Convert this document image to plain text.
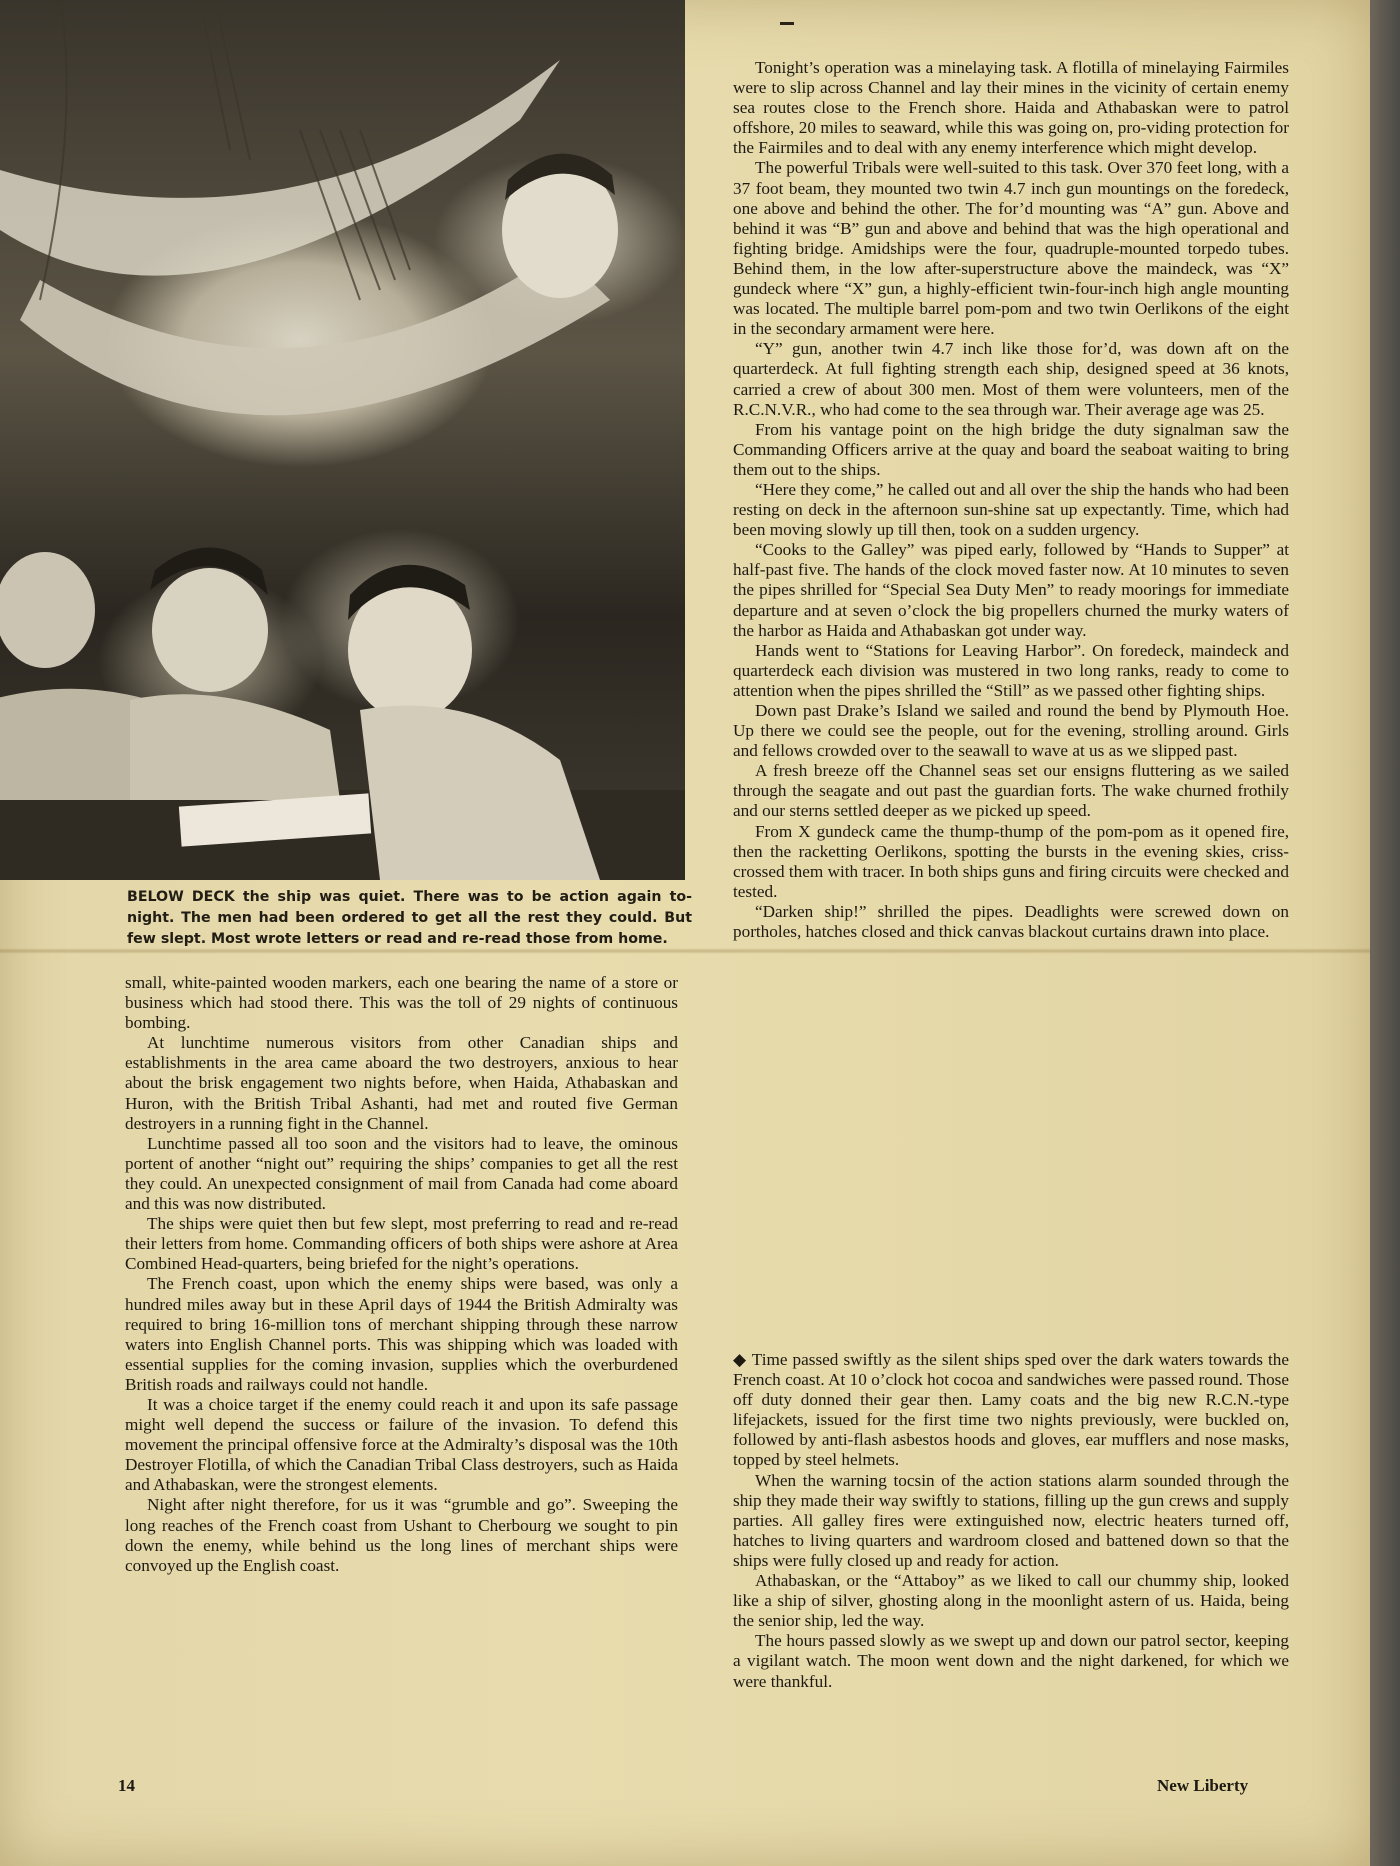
BELOW DECK the ship was quiet. There was to be action again to-night. The men had been ordered to get all the rest they could. But few slept. Most wrote letters or read and re-read those from home.

small, white-painted wooden markers, each one bearing the name of a store or business which had stood there. This was the toll of 29 nights of continuous bombing.

At lunchtime numerous visitors from other Canadian ships and establishments in the area came aboard the two destroyers, anxious to hear about the brisk engagement two nights before, when Haida, Athabaskan and Huron, with the British Tribal Ashanti, had met and routed five German destroyers in a running fight in the Channel.

Lunchtime passed all too soon and the visitors had to leave, the ominous portent of another “night out” requiring the ships’ companies to get all the rest they could. An unexpected consignment of mail from Canada had come aboard and this was now distributed.

The ships were quiet then but few slept, most preferring to read and re-read their letters from home. Commanding officers of both ships were ashore at Area Combined Head-quarters, being briefed for the night’s operations.

The French coast, upon which the enemy ships were based, was only a hundred miles away but in these April days of 1944 the British Admiralty was required to bring 16-million tons of merchant shipping through these narrow waters into English Channel ports. This was shipping which was loaded with essential supplies for the coming invasion, supplies which the overburdened British roads and railways could not handle.

It was a choice target if the enemy could reach it and upon its safe passage might well depend the success or failure of the invasion. To defend this movement the principal offensive force at the Admiralty’s disposal was the 10th Destroyer Flotilla, of which the Canadian Tribal Class destroyers, such as Haida and Athabaskan, were the strongest elements.

Night after night therefore, for us it was “grumble and go”. Sweeping the long reaches of the French coast from Ushant to Cherbourg we sought to pin down the enemy, while behind us the long lines of merchant ships were convoyed up the English coast.

Tonight’s operation was a minelaying task. A flotilla of minelaying Fairmiles were to slip across Channel and lay their mines in the vicinity of certain enemy sea routes close to the French shore. Haida and Athabaskan were to patrol offshore, 20 miles to seaward, while this was going on, pro-viding protection for the Fairmiles and to deal with any enemy interference which might develop.

The powerful Tribals were well-suited to this task. Over 370 feet long, with a 37 foot beam, they mounted two twin 4.7 inch gun mountings on the foredeck, one above and behind the other. The for’d mounting was “A” gun. Above and behind it was “B” gun and above and behind that was the high operational and fighting bridge. Amidships were the four, quadruple-mounted torpedo tubes. Behind them, in the low after-superstructure above the maindeck, was “X” gundeck where “X” gun, a highly-efficient twin-four-inch high angle mounting was located. The multiple barrel pom-pom and two twin Oerlikons of the eight in the secondary armament were here.

“Y” gun, another twin 4.7 inch like those for’d, was down aft on the quarterdeck. At full fighting strength each ship, designed speed at 36 knots, carried a crew of about 300 men. Most of them were volunteers, men of the R.C.N.V.R., who had come to the sea through war. Their average age was 25.

From his vantage point on the high bridge the duty signalman saw the Commanding Officers arrive at the quay and board the seaboat waiting to bring them out to the ships.

“Here they come,” he called out and all over the ship the hands who had been resting on deck in the afternoon sun-shine sat up expectantly. Time, which had been moving slowly up till then, took on a sudden urgency.

“Cooks to the Galley” was piped early, followed by “Hands to Supper” at half-past five. The hands of the clock moved faster now. At 10 minutes to seven the pipes shrilled for “Special Sea Duty Men” to ready moorings for immediate departure and at seven o’clock the big propellers churned the murky waters of the harbor as Haida and Athabaskan got under way.

Hands went to “Stations for Leaving Harbor”. On foredeck, maindeck and quarterdeck each division was mustered in two long ranks, ready to come to attention when the pipes shrilled the “Still” as we passed other fighting ships.

Down past Drake’s Island we sailed and round the bend by Plymouth Hoe. Up there we could see the people, out for the evening, strolling around. Girls and fellows crowded over to the seawall to wave at us as we slipped past.

A fresh breeze off the Channel seas set our ensigns fluttering as we sailed through the seagate and out past the guardian forts. The wake churned frothily and our sterns settled deeper as we picked up speed.

From X gundeck came the thump-thump of the pom-pom as it opened fire, then the racketting Oerlikons, spotting the bursts in the evening skies, criss-crossed them with tracer. In both ships guns and firing circuits were checked and tested.

“Darken ship!” shrilled the pipes. Deadlights were screwed down on portholes, hatches closed and thick canvas blackout curtains drawn into place.

◆ Time passed swiftly as the silent ships sped over the dark waters towards the French coast. At 10 o’clock hot cocoa and sandwiches were passed round. Those off duty donned their gear then. Lamy coats and the big new R.C.N.-type lifejackets, issued for the first time two nights previously, were buckled on, followed by anti-flash asbestos hoods and gloves, ear mufflers and nose masks, topped by steel helmets.

When the warning tocsin of the action stations alarm sounded through the ship they made their way swiftly to stations, filling up the gun crews and supply parties. All galley fires were extinguished now, electric heaters turned off, hatches to living quarters and wardroom closed and battened down so that the ships were fully closed up and ready for action.

Athabaskan, or the “Attaboy” as we liked to call our chummy ship, looked like a ship of silver, ghosting along in the moonlight astern of us. Haida, being the senior ship, led the way.

The hours passed slowly as we swept up and down our patrol sector, keeping a vigilant watch. The moon went down and the night darkened, for which we were thankful.

14	New Liberty
